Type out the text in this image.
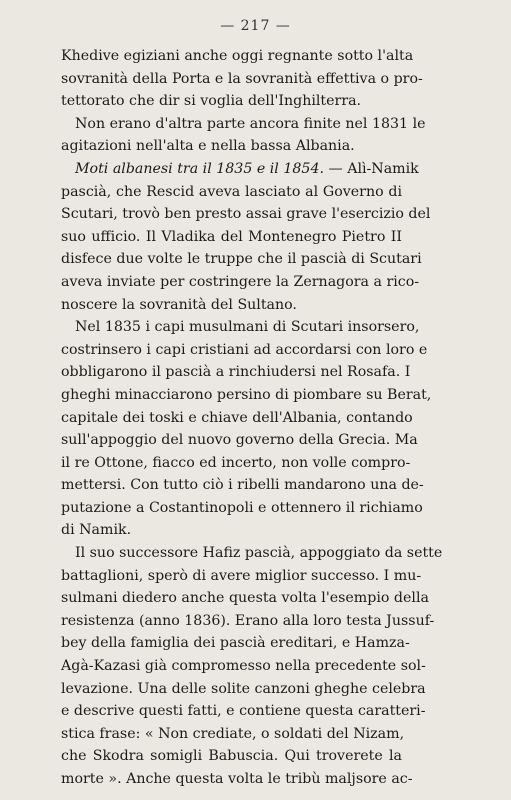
— 217 —
Khedive egiziani anche oggi regnante sotto l'alta
sovranità della Porta e la sovranità effettiva o pro-
tettorato che dir si voglia dell'Inghilterra.
Non erano d'altra parte ancora finite nel 1831 le
agitazioni nell'alta e nella bassa Albania.
Moti albanesi tra il 1835 e il 1854. — Alì-Namik
pascià, che Rescid aveva lasciato al Governo di
Scutari, trovò ben presto assai grave l'esercizio del
suo ufficio. Il Vladika del Montenegro Pietro II
disfece due volte le truppe che il pascià di Scutari
aveva inviate per costringere la Zernagora a rico-
noscere la sovranità del Sultano.
Nel 1835 i capi musulmani di Scutari insorsero,
costrinsero i capi cristiani ad accordarsi con loro e
obbligarono il pascià a rinchiudersi nel Rosafa. I
gheghi minacciarono persino di piombare su Berat,
capitale dei toski e chiave dell'Albania, contando
sull'appoggio del nuovo governo della Grecia. Ma
il re Ottone, fiacco ed incerto, non volle compro-
mettersi. Con tutto ciò i ribelli mandarono una de-
putazione a Costantinopoli e ottennero il richiamo
di Namik.
Il suo successore Hafiz pascià, appoggiato da sette
battaglioni, sperò di avere miglior successo. I mu-
sulmani diedero anche questa volta l'esempio della
resistenza (anno 1836). Erano alla loro testa Jussuf-
bey della famiglia dei pascià ereditari, e Hamza-
Agà-Kazasi già compromesso nella precedente sol-
levazione. Una delle solite canzoni gheghe celebra
e descrive questi fatti, e contiene questa caratteri-
stica frase: « Non crediate, o soldati del Nizam,
che Skodra somigli Babuscia. Qui troverete la
morte ». Anche questa volta le tribù maljsore ac-
